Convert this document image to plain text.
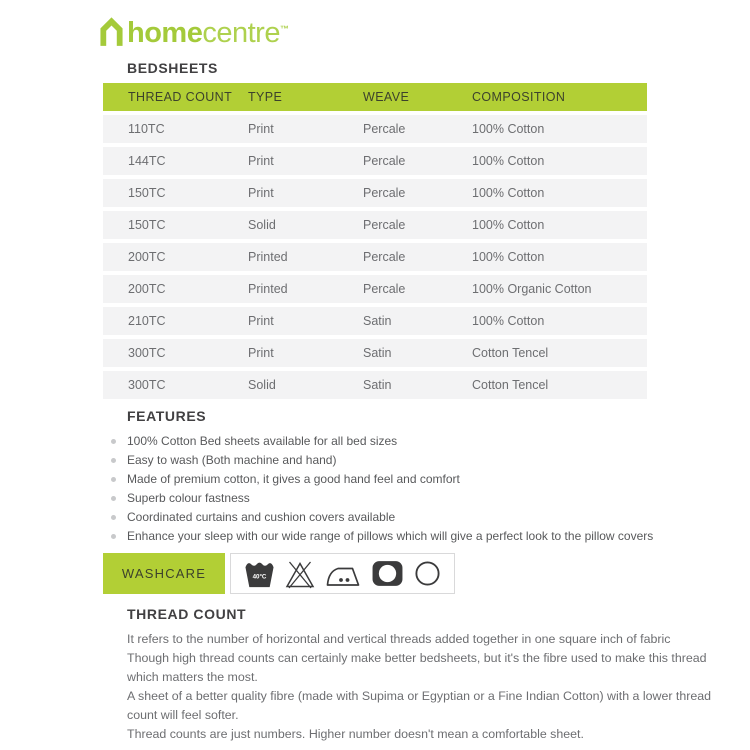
homecentre™
BEDSHEETS
THREAD COUNT	TYPE	WEAVE	COMPOSITION
110TC	Print	Percale	100% Cotton
144TC	Print	Percale	100% Cotton
150TC	Print	Percale	100% Cotton
150TC	Solid	Percale	100% Cotton
200TC	Printed	Percale	100% Cotton
200TC	Printed	Percale	100% Organic Cotton
210TC	Print	Satin	100% Cotton
300TC	Print	Satin	Cotton Tencel
300TC	Solid	Satin	Cotton Tencel
FEATURES
100% Cotton Bed sheets available for all bed sizes
Easy to wash (Both machine and hand)
Made of premium cotton, it gives a good hand feel and comfort
Superb colour fastness
Coordinated curtains and cushion covers available
Enhance your sleep with our wide range of pillows which will give a perfect look to the pillow covers
WASHCARE	40°C
THREAD COUNT

It refers to the number of horizontal and vertical threads added together in one square inch of fabric

Though high thread counts can certainly make better bedsheets, but it's the fibre used to make this thread which matters the most.

A sheet of a better quality fibre (made with Supima or Egyptian or a Fine Indian Cotton) with a lower thread count will feel softer.

Thread counts are just numbers. Higher number doesn't mean a comfortable sheet.
